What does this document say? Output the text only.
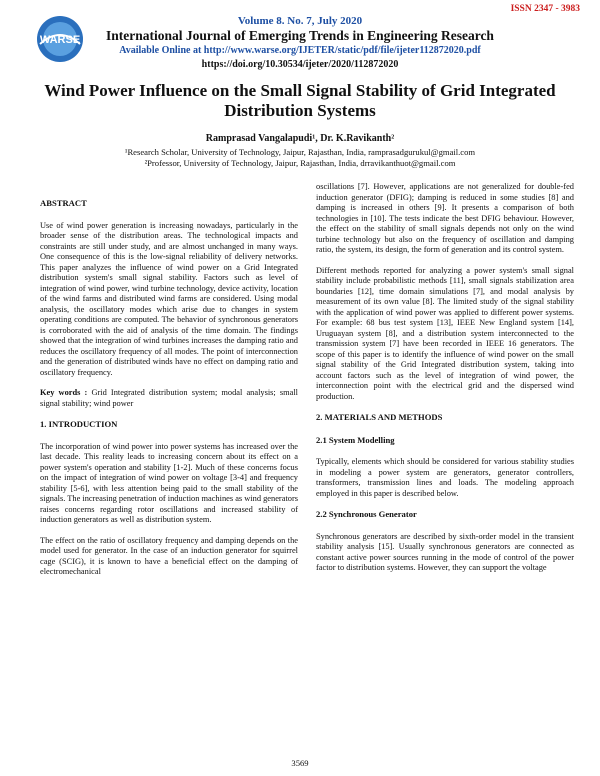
WARSE
ISSN 2347 - 3983
Volume 8. No. 7, July 2020
International Journal of Emerging Trends in Engineering Research
Available Online at http://www.warse.org/IJETER/static/pdf/file/ijeter112872020.pdf
https://doi.org/10.30534/ijeter/2020/112872020
Wind Power Influence on the Small Signal Stability of Grid Integrated Distribution Systems
Ramprasad Vangalapudi¹, Dr. K.Ravikanth²
¹Research Scholar, University of Technology, Jaipur, Rajasthan, India, ramprasadgurukul@gmail.com
²Professor, University of Technology, Jaipur, Rajasthan, India, drravikanthuot@gmail.com
ABSTRACT

Use of wind power generation is increasing nowadays, particularly in the broader sense of the distribution areas. The technological impacts and constraints are still under study, and are almost unchanged in many ways. One consequence of this is the low-signal reliability of delivery networks. This paper analyzes the influence of wind power on a Grid Integrated distribution system's small signal stability. Factors such as level of integration of wind power, wind turbine technology, device activity, location of the wind farms and distributed wind farms are considered. Using modal analysis, the oscillatory modes which arise due to changes in system operating conditions are computed. The behavior of synchronous generators is corroborated with the aid of analysis of the time domain. The findings showed that the integration of wind turbines increases the damping ratio and reduces the oscillatory frequency of all modes. The point of interconnection and the generation of distributed winds have no effect on damping ratio and oscillatory frequency.

Key words : Grid Integrated distribution system; modal analysis; small signal stability; wind power

1. INTRODUCTION

The incorporation of wind power into power systems has increased over the last decade. This reality leads to increasing concern about its effect on a power system's operation and stability [1-2]. Much of these concerns focus on the impact of integration of wind power on voltage [3-4] and frequency stability [5-6], with less attention being paid to the small stability of the signals. The increasing penetration of induction machines as wind generators raises concerns regarding rotor oscillations and increased stability of induction generators as well as distribution system.

The effect on the ratio of oscillatory frequency and damping depends on the model used for generator. In the case of an induction generator for squirrel cage (SCIG), it is known to have a beneficial effect on the damping of electromechanical

oscillations [7]. However, applications are not generalized for double-fed induction generator (DFIG); damping is reduced in some studies [8] and damping is increased in others [9]. It presents a comparison of both technologies in [10]. The tests indicate the best DFIG behaviour. However, the effect on the stability of small signals depends not only on the wind turbine technology but also on the frequency of oscillation and damping ratio, the system, its design, the form of generation and its control system.

Different methods reported for analyzing a power system's small signal stability include probabilistic methods [11], small signals stabilization area boundaries [12], time domain simulations [7], and modal analysis by measurement of its own value [8]. The limited study of the signal stability with the application of wind power was applied to different power systems. For example: 68 bus test system [13], IEEE New England system [14], Uruguayan system [8], and a distribution system interconnected to the transmission system [7] have been recorded in IEEE 16 generators. The scope of this paper is to identify the influence of wind power on the small signal stability of the Grid Integrated distribution system, taking into account factors such as the level of integration of wind power, the interconnection point with the electrical grid and the dispersed wind production.

2. MATERIALS AND METHODS
2.1 System Modelling

Typically, elements which should be considered for various stability studies in modeling a power system are generators, generator controllers, transformers, transmission lines and loads. The modeling approach employed in this paper is described below.

2.2 Synchronous Generator

Synchronous generators are described by sixth-order model in the transient stability analysis [15]. Usually synchronous generators are connected as constant active power sources running in the mode of control of the power factor to distribution systems. However, they can support the voltage

3569
